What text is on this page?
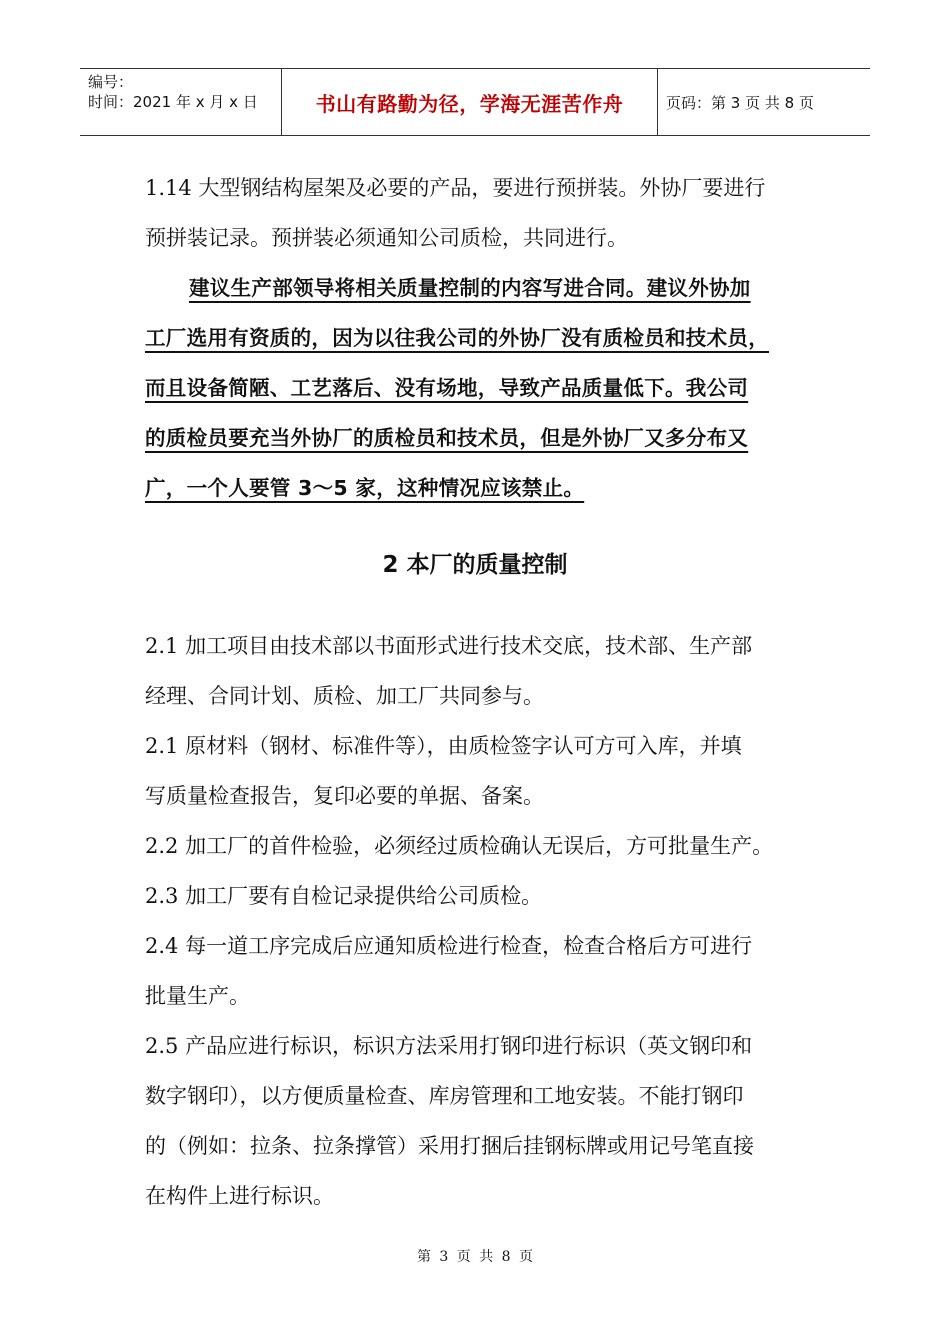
编号：
时间：2021 年 x 月 x 日	书山有路勤为径，学海无涯苦作舟	页码：第 3 页 共 8 页

1.14 大型钢结构屋架及必要的产品，要进行预拼装。外协厂要进行
预拼装记录。预拼装必须通知公司质检，共同进行。

建议生产部领导将相关质量控制的内容写进合同。建议外协加
工厂选用有资质的，因为以往我公司的外协厂没有质检员和技术员，
而且设备简陋、工艺落后、没有场地，导致产品质量低下。我公司
的质检员要充当外协厂的质检员和技术员，但是外协厂又多分布又
广，一个人要管 3～5 家，这种情况应该禁止。

2 本厂的质量控制

2.1 加工项目由技术部以书面形式进行技术交底，技术部、生产部
经理、合同计划、质检、加工厂共同参与。

2.1 原材料（钢材、标准件等），由质检签字认可方可入库，并填
写质量检查报告，复印必要的单据、备案。

2.2 加工厂的首件检验，必须经过质检确认无误后，方可批量生产。

2.3 加工厂要有自检记录提供给公司质检。

2.4 每一道工序完成后应通知质检进行检查，检查合格后方可进行
批量生产。

2.5 产品应进行标识，标识方法采用打钢印进行标识（英文钢印和
数字钢印），以方便质量检查、库房管理和工地安装。不能打钢印
的（例如：拉条、拉条撑管）采用打捆后挂钢标牌或用记号笔直接
在构件上进行标识。

第 3 页 共 8 页
